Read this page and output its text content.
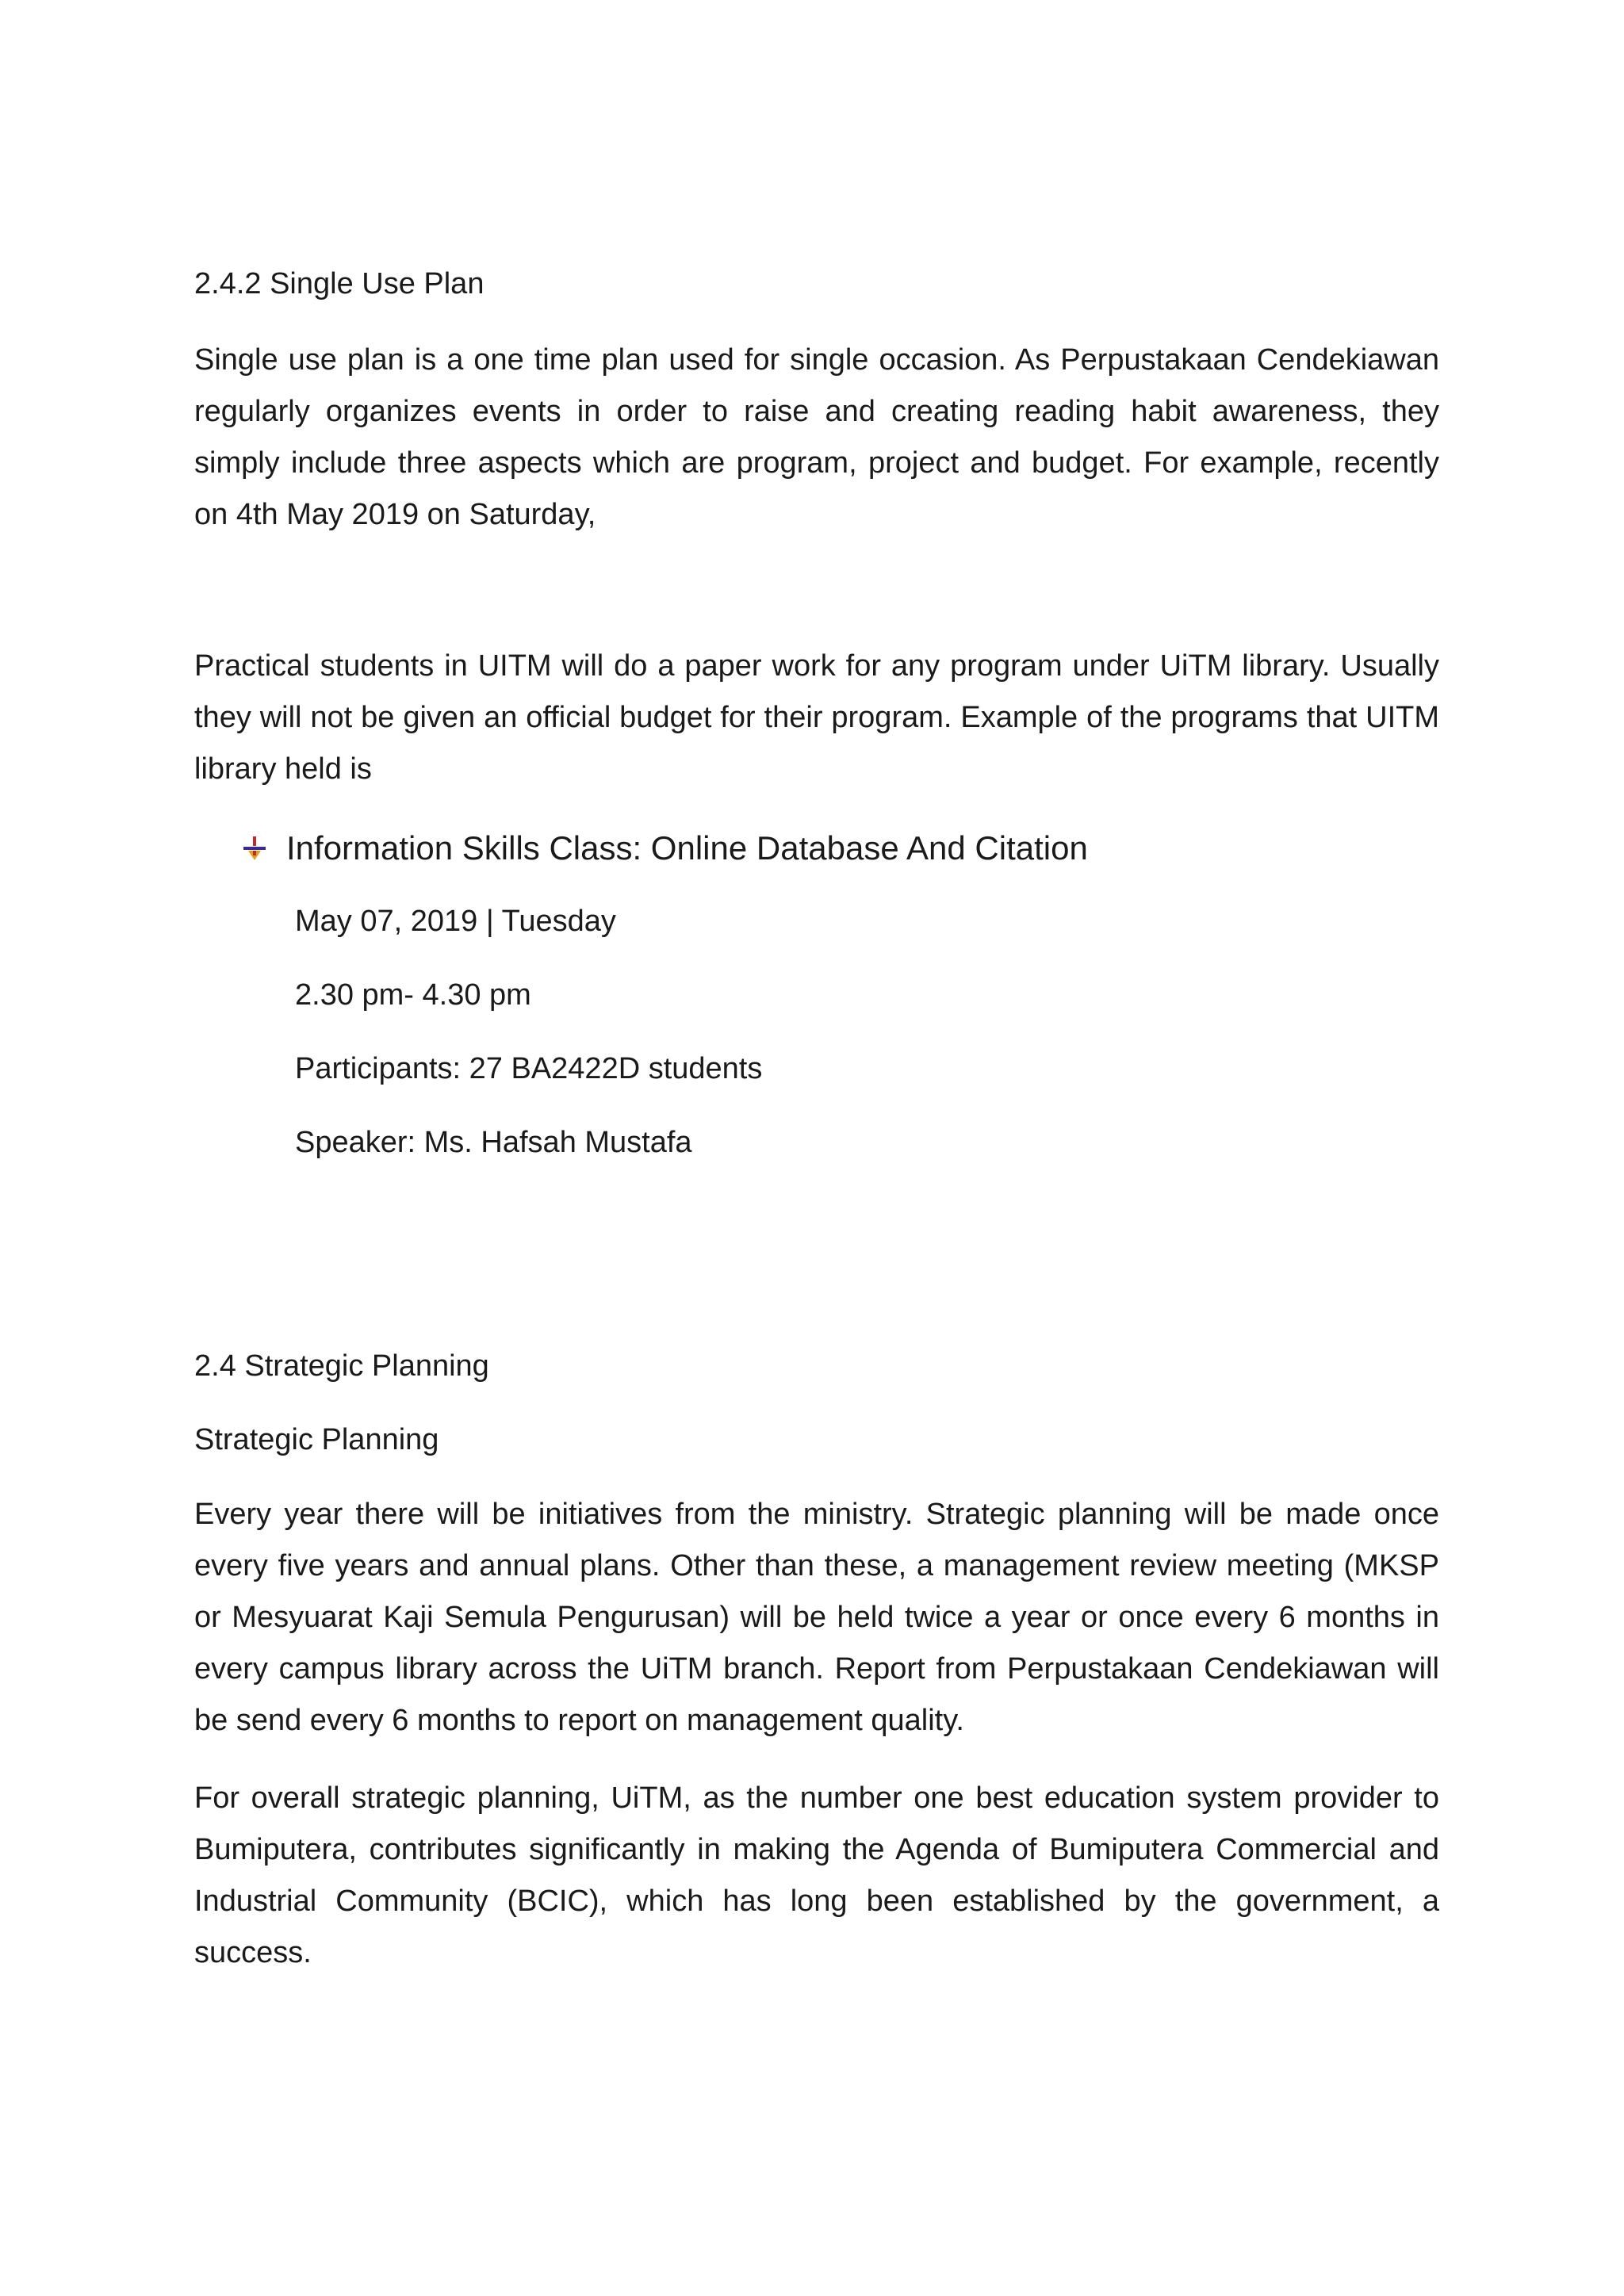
2.4.2 Single Use Plan

Single use plan is a one time plan used for single occasion. As Perpustakaan Cendekiawan regularly organizes events in order to raise and creating reading habit awareness, they simply include three aspects which are program, project and budget. For example, recently on 4th May 2019 on Saturday,

Practical students in UITM will do a paper work for any program under UiTM library. Usually they will not be given an official budget for their program. Example of the programs that UITM library held is

Information Skills Class: Online Database And Citation

May 07, 2019 | Tuesday

2.30 pm- 4.30 pm

Participants: 27 BA2422D students

Speaker: Ms. Hafsah Mustafa

2.4 Strategic Planning

Strategic Planning

Every year there will be initiatives from the ministry. Strategic planning will be made once every five years and annual plans. Other than these, a management review meeting (MKSP or Mesyuarat Kaji Semula Pengurusan) will be held twice a year or once every 6 months in every campus library across the UiTM branch. Report from Perpustakaan Cendekiawan will be send every 6 months to report on management quality.

For overall strategic planning, UiTM, as the number one best education system provider to Bumiputera, contributes significantly in making the Agenda of Bumiputera Commercial and Industrial Community (BCIC), which has long been established by the government, a success.
